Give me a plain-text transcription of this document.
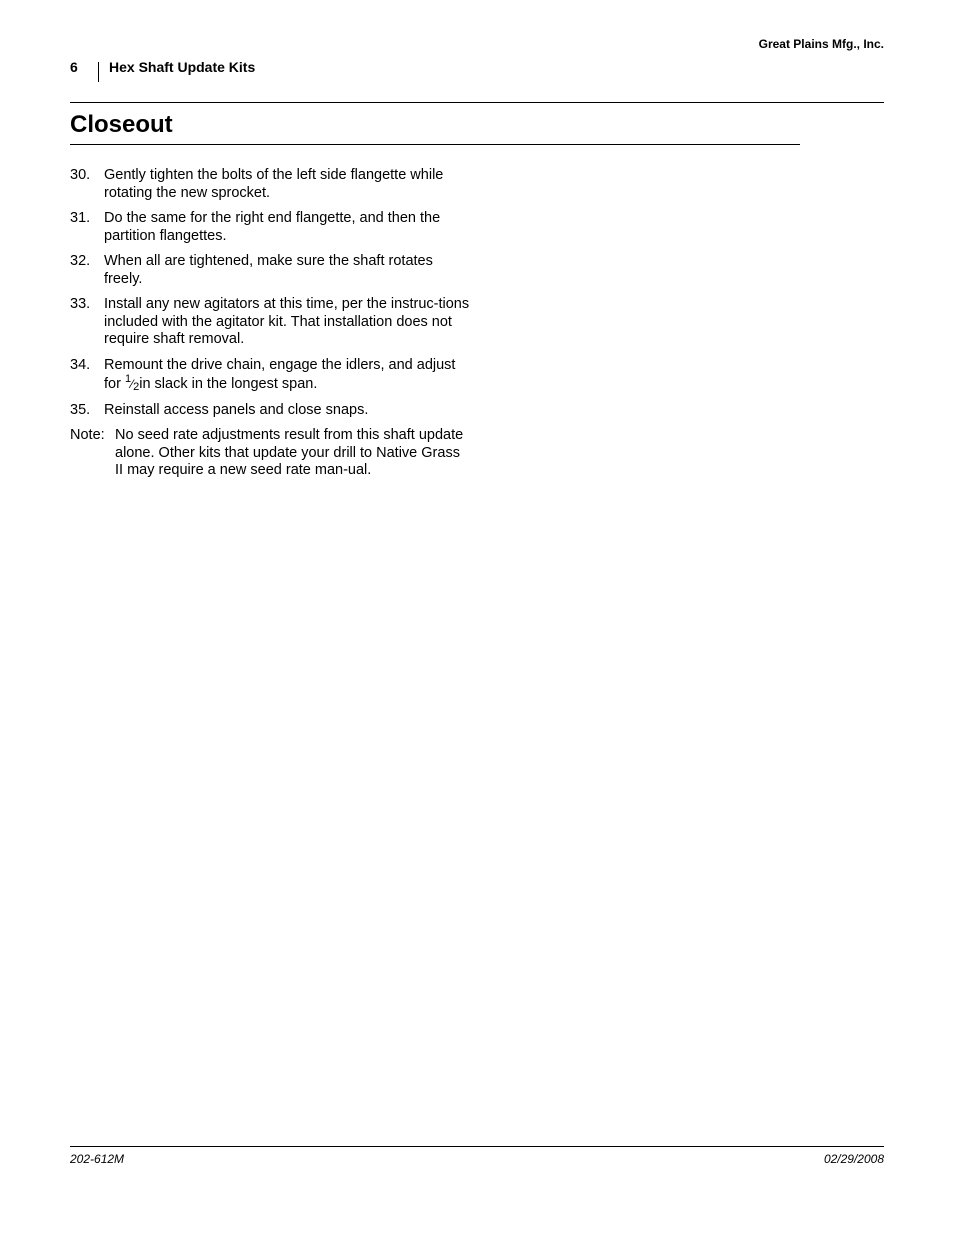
Great Plains Mfg., Inc.
6 Hex Shaft Update Kits
Closeout
30. Gently tighten the bolts of the left side flangette while rotating the new sprocket.
31. Do the same for the right end flangette, and then the partition flangettes.
32. When all are tightened, make sure the shaft rotates freely.
33. Install any new agitators at this time, per the instruc-tions included with the agitator kit. That installation does not require shaft removal.
34. Remount the drive chain, engage the idlers, and adjust for 1⁄2in slack in the longest span.
35. Reinstall access panels and close snaps.
Note: No seed rate adjustments result from this shaft update alone. Other kits that update your drill to Native Grass II may require a new seed rate man-ual.
202-612M	02/29/2008
